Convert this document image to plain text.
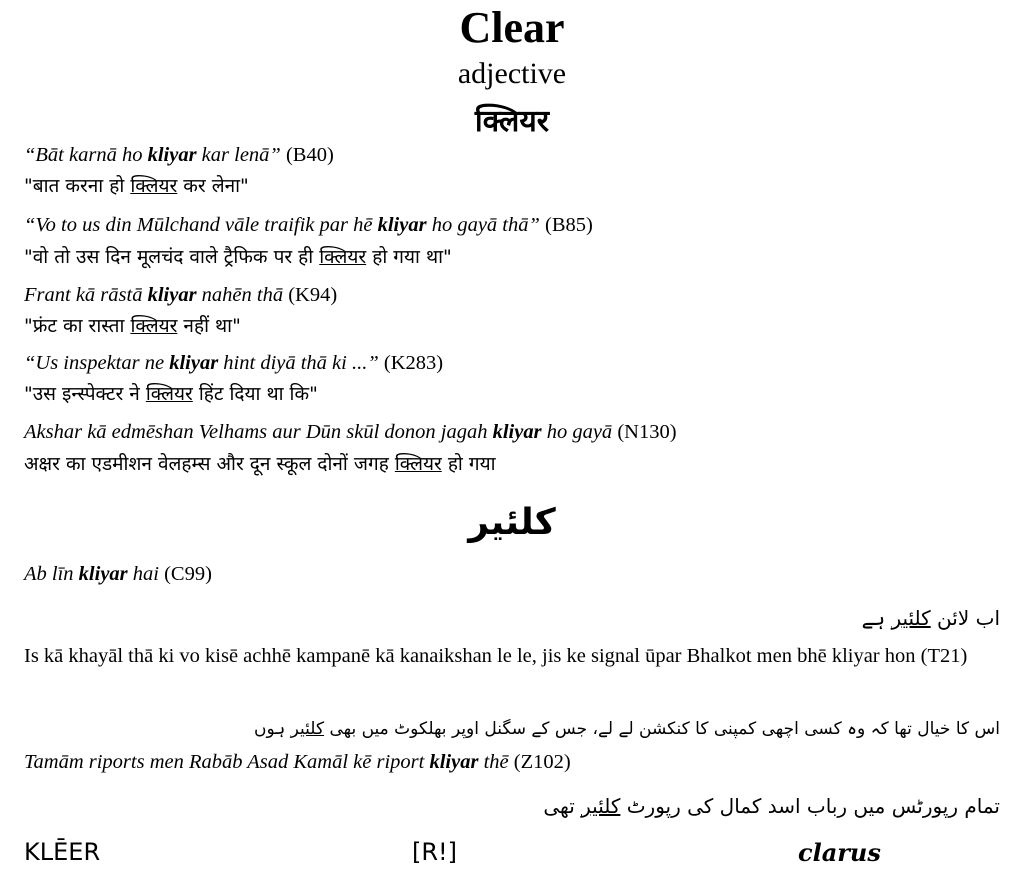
Clear
adjective
क्लियर
“Bāt karnā ho kliyar kar lenā” (B40)
"बात करना हो क्लियर कर लेना"
“Vo to us din Mūlchand vāle traifik par hē kliyar ho gayā thā” (B85)
"वो तो उस दिन मूलचंद वाले ट्रैफिक पर ही क्लियर हो गया था"
Frant kā rāstā kliyar nahēn thā (K94)
"फ्रंट का रास्ता क्लियर नहीं था"
“Us inspektar ne kliyar hint diyā thā ki ...” (K283)
"उस इन्स्पेक्टर ने क्लियर हिंट दिया था कि"
Akshar kā edmēshan Velhams aur Dūn skūl donon jagah kliyar ho gayā (N130)
अक्षर का एडमीशन वेलहम्स और दून स्कूल दोनों जगह क्लियर हो गया
کلئیر
Ab līn kliyar hai (C99)
اب لائن کلئیر ہے
Is kā khayāl thā ki vo kisē achhē kampanē kā kanaikshan le le, jis ke signal ūpar Bhalkot men bhē kliyar hon (T21)
اس کا خیال تھا کہ وہ کسی اچھی کمپنی کا کنکشن لے لے، جس کے سگنل اوپر بھلکوٹ میں بھی کلئیر ہوں
Tamām riports men Rabāb Asad Kamāl kē riport kliyar thē (Z102)
تمام رپورٹس میں رباب اسد کمال کی رپورٹ کلئیر تھی
KLĒER	[R!]	clarus
